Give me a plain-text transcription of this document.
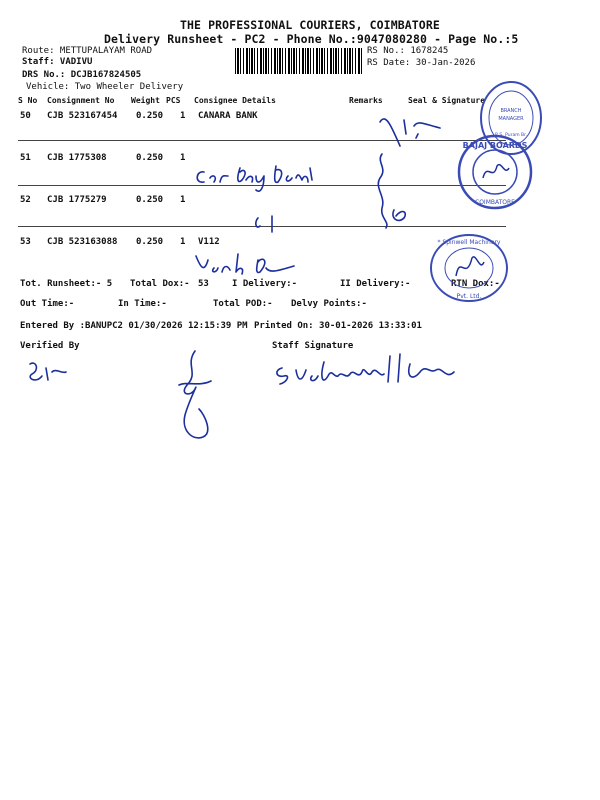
THE PROFESSIONAL COURIERS, COIMBATORE
Delivery Runsheet - PC2 - Phone No.:9047080280 - Page No.:5
Route: METTUPALAYAM ROAD
Staff: VADIVU
DRS No.: DCJB167824505
Vehicle: Two Wheeler Delivery
RS No.: 1678245
RS Date: 30-Jan-2026
S No Consignment No Weight PCS Consignee Details	Remarks	Seal & Signature
50 CJB 523167454 0.250 1 CANARA BANK
51 CJB 1775308	0.250 1
52 CJB 1775279	0.250 1
53 CJB 523163088 0.250 1 V112
Tot. Runsheet:- 5 Total Dox:- 53	I Delivery:-	II Delivery:-	RTN Dox:-
Out Time:-	In Time:-	Total POD:- Delvy Points:-
Entered By :BANUPC2 01/30/2026 12:15:39 PM Printed On: 30-01-2026 13:33:01
Verified By	Staff Signature
BRANCH
MANAGER
R.S. Puram Br.
BAJAJ BOARDS
COIMBATORE
* Spinwell Machinery
Pvt. Ltd.
